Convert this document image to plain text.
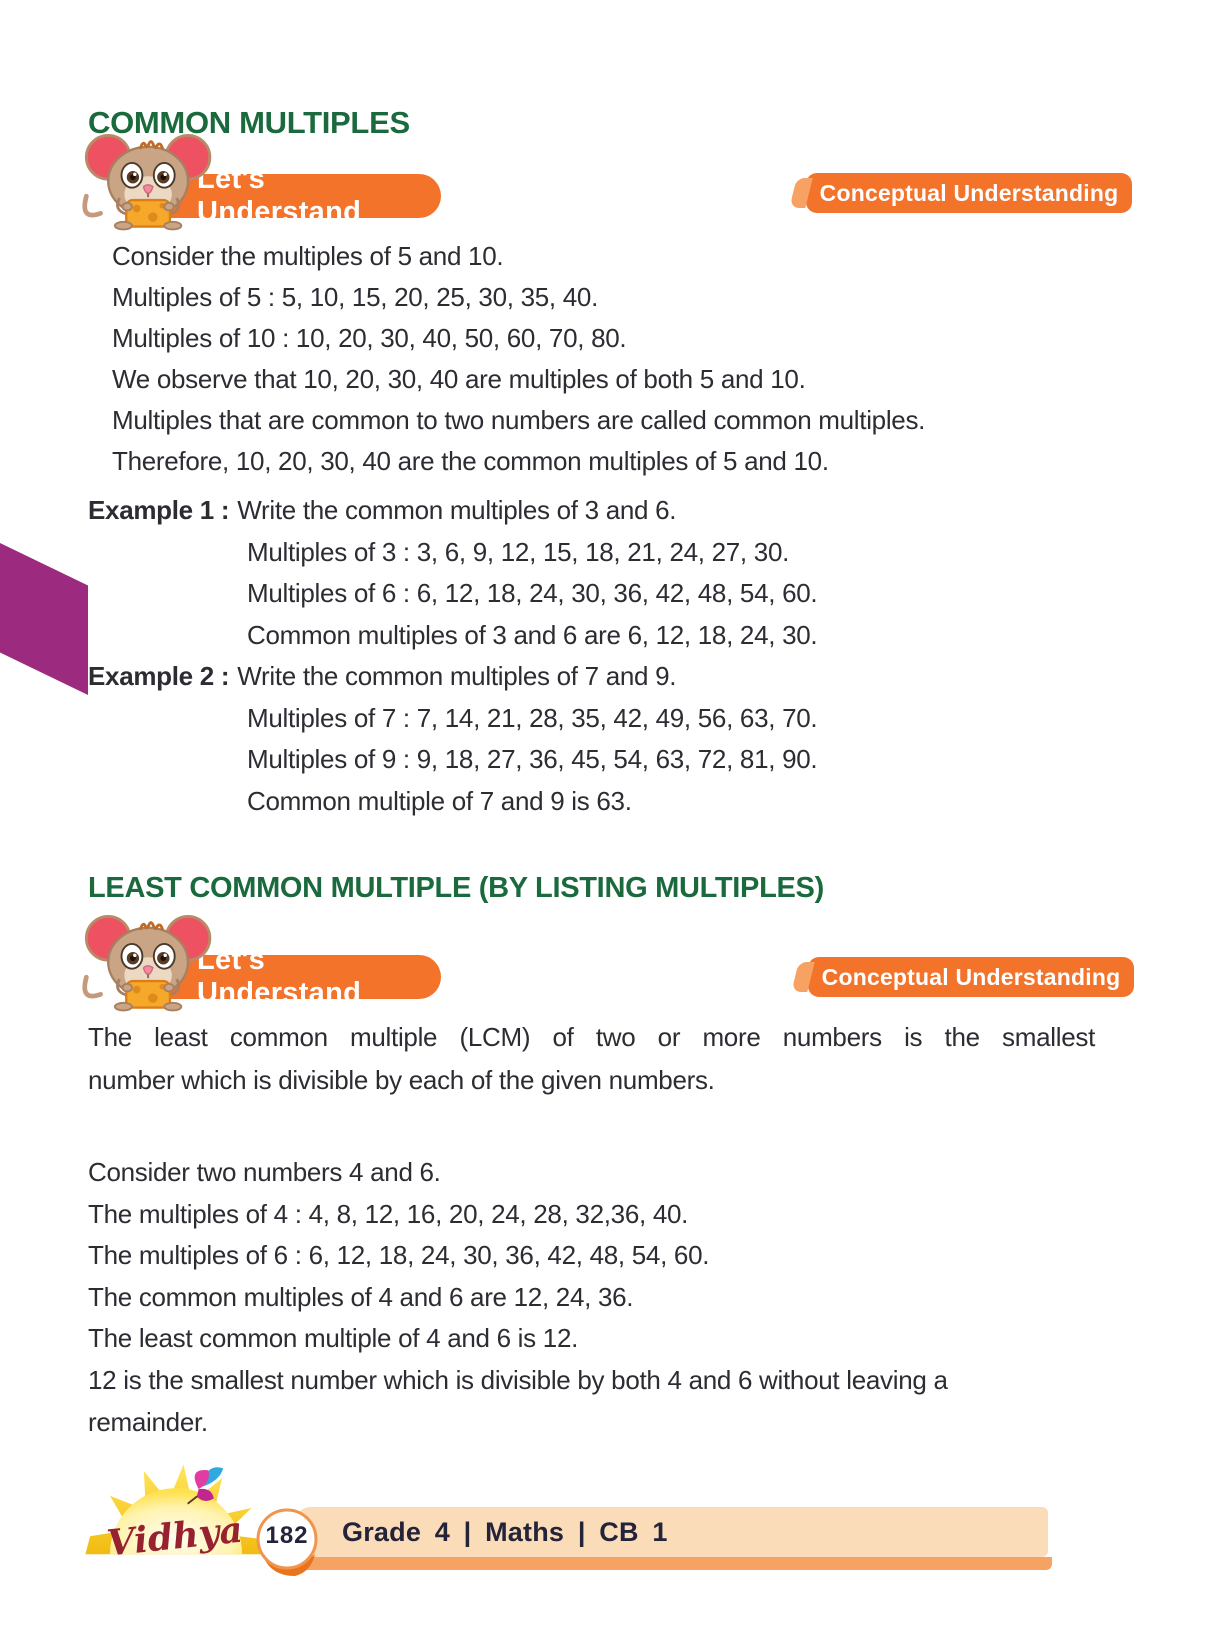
COMMON MULTIPLES
Let's Understand
Conceptual Understanding
Consider the multiples of 5 and 10.
Multiples of 5 : 5, 10, 15, 20, 25, 30, 35, 40.
Multiples of 10 : 10, 20, 30, 40, 50, 60, 70, 80.
We observe that 10, 20, 30, 40 are multiples of both 5 and 10.
Multiples that are common to two numbers are called common multiples.
Therefore, 10, 20, 30, 40 are the common multiples of 5 and 10.
Example 1 : Write the common multiples of 3 and 6.
Multiples of 3 : 3, 6, 9, 12, 15, 18, 21, 24, 27, 30.
Multiples of 6 : 6, 12, 18, 24, 30, 36, 42, 48, 54, 60.
Common multiples of 3 and 6 are 6, 12, 18, 24, 30.
Example 2 : Write the common multiples of 7 and 9.
Multiples of 7 : 7, 14, 21, 28, 35, 42, 49, 56, 63, 70.
Multiples of 9 : 9, 18, 27, 36, 45, 54, 63, 72, 81, 90.
Common multiple of 7 and 9 is 63.
LEAST COMMON MULTIPLE (BY LISTING MULTIPLES)
Let's Understand
Conceptual Understanding
The least common multiple (LCM) of two or more numbers is the smallest
number which is divisible by each of the given numbers.
Consider two numbers 4 and 6.
The multiples of 4 : 4, 8, 12, 16, 20, 24, 28, 32,36, 40.
The multiples of 6 : 6, 12, 18, 24, 30, 36, 42, 48, 54, 60.
The common multiples of 4 and 6 are 12, 24, 36.
The least common multiple of 4 and 6 is 12.
12 is the smallest number which is divisible by both 4 and 6 without leaving a
remainder.
Grade 4 | Maths | CB 1
Vidhya 182
